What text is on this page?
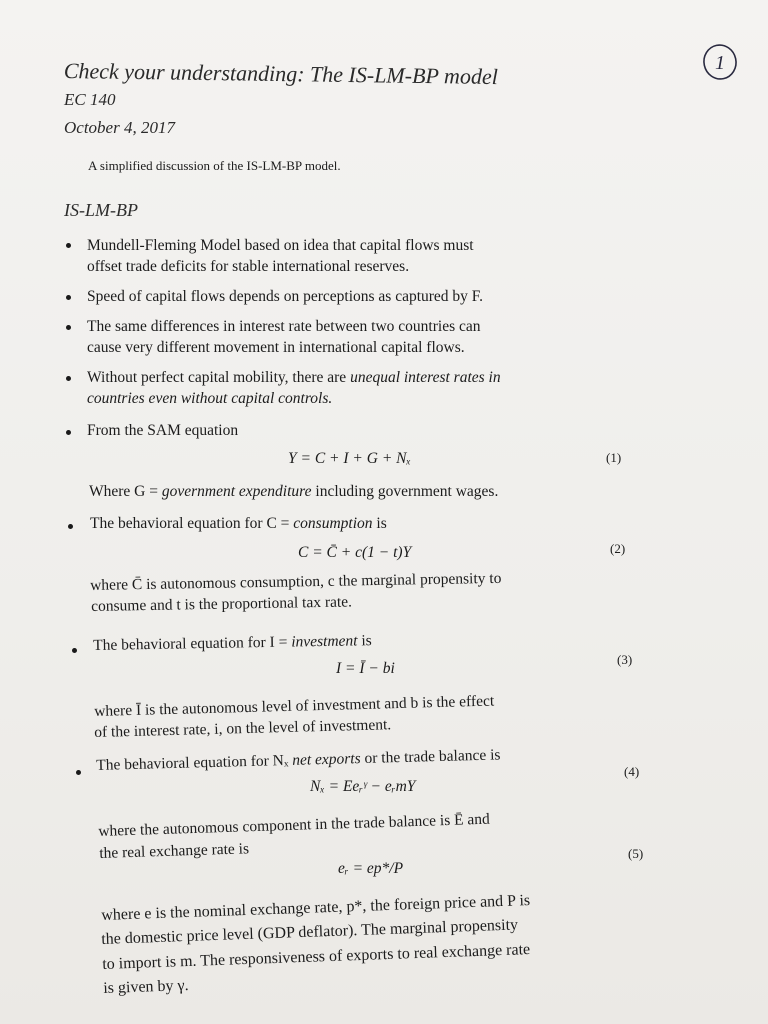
1
Check your understanding: The IS-LM-BP model
EC 140
October 4, 2017
A simplified discussion of the IS-LM-BP model.
IS-LM-BP
Mundell-Fleming Model based on idea that capital flows must
offset trade deficits for stable international reserves.
Speed of capital flows depends on perceptions as captured by F.
The same differences in interest rate between two countries can
cause very different movement in international capital flows.
Without perfect capital mobility, there are unequal interest rates in
countries even without capital controls.
From the SAM equation
Y = C + I + G + Nₓ	(1)
Where G = government expenditure including government wages.
The behavioral equation for C = consumption is
C = C̄ + c(1 − t)Y	(2)
where C̄ is autonomous consumption, c the marginal propensity to
consume and t is the proportional tax rate.
The behavioral equation for I = investment is
I = Ī − bi
(3)
where Ī is the autonomous level of investment and b is the effect
of the interest rate, i, on the level of investment.
The behavioral equation for Nₓ net exports or the trade balance is
Nₓ = Eeᵣᵞ − eᵣmY
(4)
where the autonomous component in the trade balance is Ē and
the real exchange rate is
eᵣ = ep*/P
(5)
where e is the nominal exchange rate, p*, the foreign price and P is
the domestic price level (GDP deflator). The marginal propensity
to import is m. The responsiveness of exports to real exchange rate
is given by γ.
